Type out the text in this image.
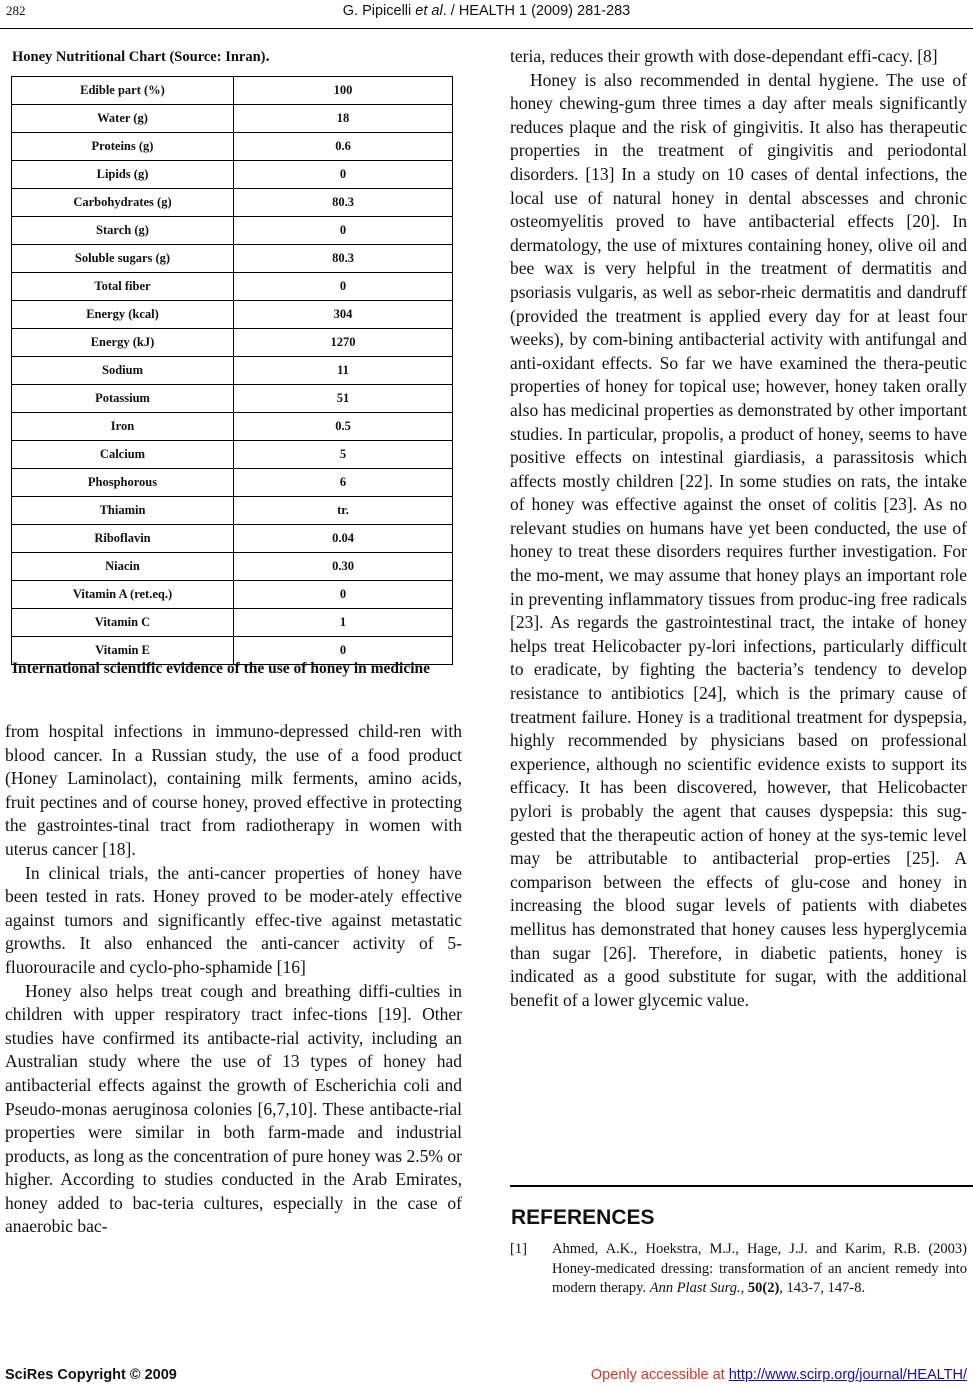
282	G. Pipicelli et al. / HEALTH 1 (2009) 281-283
Honey Nutritional Chart (Source: Inran).
Edible part (%)	100
Water (g)	18
Proteins (g)	0.6
Lipids (g)	0
Carbohydrates (g)	80.3
Starch (g)	0
Soluble sugars (g)	80.3
Total fiber	0
Energy (kcal)	304
Energy (kJ)	1270
Sodium	11
Potassium	51
Iron	0.5
Calcium	5
Phosphorous	6
Thiamin	tr.
Riboflavin	0.04
Niacin	0.30
Vitamin A (ret.eq.)	0
Vitamin C	1
Vitamin E	0
International scientific evidence of the use of honey in medicine

from hospital infections in immuno-depressed child-ren with blood cancer. In a Russian study, the use of a food product (Honey Laminolact), containing milk ferments, amino acids, fruit pectines and of course honey, proved effective in protecting the gastrointes-tinal tract from radiotherapy in women with uterus cancer [18].

In clinical trials, the anti-cancer properties of honey have been tested in rats. Honey proved to be moder-ately effective against tumors and significantly effec-tive against metastatic growths. It also enhanced the anti-cancer activity of 5-fluorouracile and cyclo-pho-sphamide [16]

Honey also helps treat cough and breathing diffi-culties in children with upper respiratory tract infec-tions [19]. Other studies have confirmed its antibacte-rial activity, including an Australian study where the use of 13 types of honey had antibacterial effects against the growth of Escherichia coli and Pseudo-monas aeruginosa colonies [6,7,10]. These antibacte-rial properties were similar in both farm-made and industrial products, as long as the concentration of pure honey was 2.5% or higher. According to studies conducted in the Arab Emirates, honey added to bac-teria cultures, especially in the case of anaerobic bac-

teria, reduces their growth with dose-dependant effi-cacy. [8]

Honey is also recommended in dental hygiene. The use of honey chewing-gum three times a day after meals significantly reduces plaque and the risk of gingivitis. It also has therapeutic properties in the treatment of gingivitis and periodontal disorders. [13] In a study on 10 cases of dental infections, the local use of natural honey in dental abscesses and chronic osteomyelitis proved to have antibacterial effects [20]. In dermatology, the use of mixtures containing honey, olive oil and bee wax is very helpful in the treatment of dermatitis and psoriasis vulgaris, as well as sebor-rheic dermatitis and dandruff (provided the treatment is applied every day for at least four weeks), by com-bining antibacterial activity with antifungal and anti-oxidant effects. So far we have examined the thera-peutic properties of honey for topical use; however, honey taken orally also has medicinal properties as demonstrated by other important studies. In particular, propolis, a product of honey, seems to have positive effects on intestinal giardiasis, a parassitosis which affects mostly children [22]. In some studies on rats, the intake of honey was effective against the onset of colitis [23]. As no relevant studies on humans have yet been conducted, the use of honey to treat these disorders requires further investigation. For the mo-ment, we may assume that honey plays an important role in preventing inflammatory tissues from produc-ing free radicals [23]. As regards the gastrointestinal tract, the intake of honey helps treat Helicobacter py-lori infections, particularly difficult to eradicate, by fighting the bacteria’s tendency to develop resistance to antibiotics [24], which is the primary cause of treatment failure. Honey is a traditional treatment for dyspepsia, highly recommended by physicians based on professional experience, although no scientific evidence exists to support its efficacy. It has been discovered, however, that Helicobacter pylori is probably the agent that causes dyspepsia: this sug-gested that the therapeutic action of honey at the sys-temic level may be attributable to antibacterial prop-erties [25]. A comparison between the effects of glu-cose and honey in increasing the blood sugar levels of patients with diabetes mellitus has demonstrated that honey causes less hyperglycemia than sugar [26]. Therefore, in diabetic patients, honey is indicated as a good substitute for sugar, with the additional benefit of a lower glycemic value.

REFERENCES
[1] Ahmed, A.K., Hoekstra, M.J., Hage, J.J. and Karim, R.B. (2003) Honey-medicated dressing: transformation of an ancient remedy into modern therapy. Ann Plast Surg., 50(2), 143-7, 147-8.
SciRes Copyright © 2009	Openly accessible at http://www.scirp.org/journal/HEALTH/
